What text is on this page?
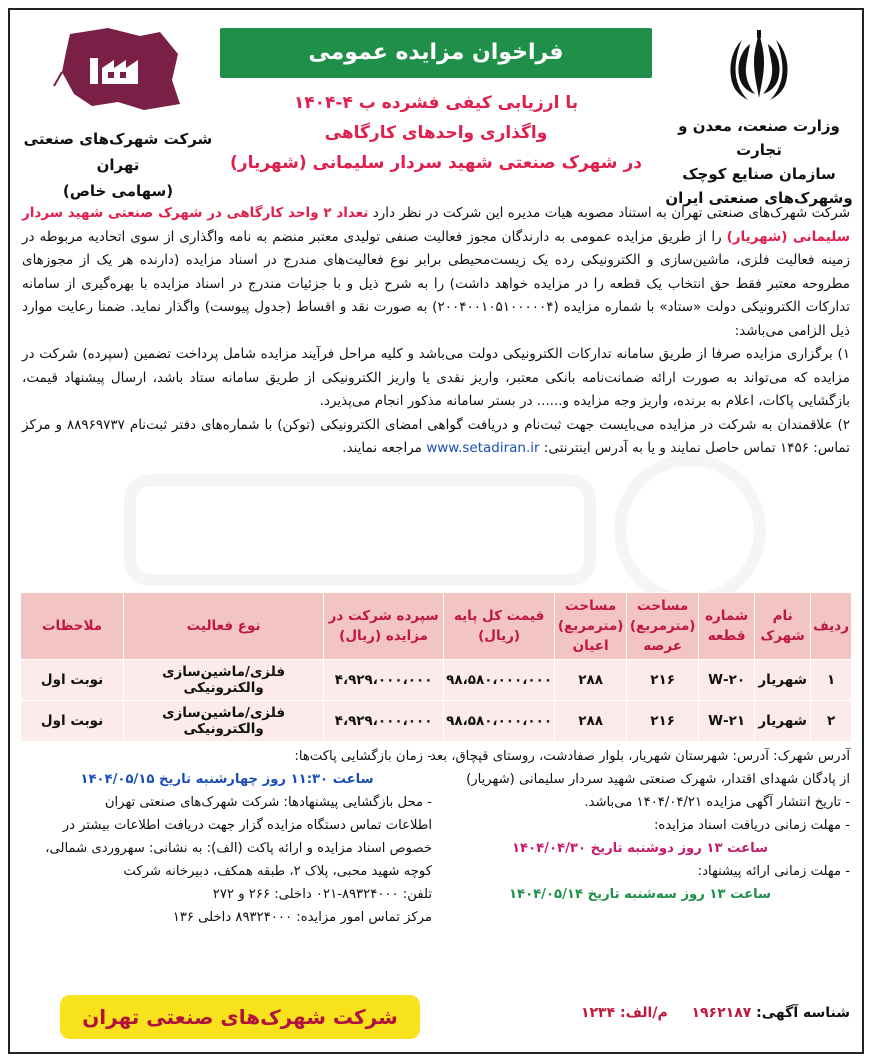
وزارت صنعت، معدن و تجارت
سازمان صنایع کوچک
وشهرک‌های صنعتی ایران
فراخوان مزایده عمومی
با ارزیابی کیفی فشرده ب ۴-۱۴۰۴
واگذاری واحدهای کارگاهی
در شهرک صنعتی شهید سردار سلیمانی (شهریار)
شرکت شهرک‌های صنعتی تهران
(سهامی خاص)

شرکت شهرک‌های صنعتی تهران به استناد مصوبه هیات مدیره این شرکت در نظر دارد تعداد ۲ واحد کارگاهی در شهرک صنعتی شهید سردار سلیمانی (شهریار) را از طریق مزایده عمومی به دارندگان مجوز فعالیت صنفی تولیدی معتبر منضم به نامه واگذاری از سوی اتحادیه مربوطه در زمینه فعالیت فلزی، ماشین‌سازی و الکترونیکی رده یک زیست‌محیطی برابر نوع فعالیت‌های مندرج در اسناد مزایده (دارنده هر یک از مجوزهای مطروحه معتبر فقط حق انتخاب یک قطعه را در مزایده خواهد داشت) را به شرح ذیل و با جزئیات مندرج در اسناد مزایده با بهره‌گیری از سامانه تدارکات الکترونیکی دولت «ستاد» با شماره مزایده (۲۰۰۴۰۰۱۰۵۱۰۰۰۰۰۴) به صورت نقد و اقساط (جدول پیوست) واگذار نماید. ضمنا رعایت موارد ذیل الزامی می‌باشد:

۱) برگزاری مزایده صرفا از طریق سامانه تدارکات الکترونیکی دولت می‌باشد و کلیه مراحل فرآیند مزایده شامل پرداخت تضمین (سپرده) شرکت در مزایده که می‌تواند به صورت ارائه ضمانت‌نامه بانکی معتبر، واریز نقدی یا واریز الکترونیکی از طریق سامانه ستاد باشد، ارسال پیشنهاد قیمت، بازگشایی پاکات، اعلام به برنده، واریز وجه مزایده و...... در بستر سامانه مذکور انجام می‌پذیرد.

۲) علاقمندان به شرکت در مزایده می‌بایست جهت ثبت‌نام و دریافت گواهی امضای الکترونیکی (توکن) با شماره‌های دفتر ثبت‌نام ۸۸۹۶۹۷۳۷ و مرکز تماس: ۱۴۵۶ تماس حاصل نمایند و یا به آدرس اینترنتی: www.setadiran.ir مراجعه نمایند.

ردیف	نام شهرک	شماره قطعه	مساحت (مترمربع) عرصه	مساحت (مترمربع) اعیان	قیمت کل پایه (ریال)	سپرده شرکت در مزایده (ریال)	نوع فعالیت	ملاحظات
۱	شهریار	۲۰-W	۲۱۶	۲۸۸	۹۸،۵۸۰،۰۰۰،۰۰۰	۴،۹۲۹،۰۰۰،۰۰۰	فلزی/ماشین‌سازی والکترونیکی	نوبت اول
۲	شهریار	۲۱-W	۲۱۶	۲۸۸	۹۸،۵۸۰،۰۰۰،۰۰۰	۴،۹۲۹،۰۰۰،۰۰۰	فلزی/ماشین‌سازی والکترونیکی	نوبت اول
آدرس شهرک: آدرس: شهرستان شهریار، بلوار صفادشت، روستای قپچاق، بعد از پادگان شهدای اقتدار، شهرک صنعتی شهید سردار سلیمانی (شهریار)
- تاریخ انتشار آگهی مزایده ۱۴۰۴/۰۴/۲۱ می‌باشد.
- مهلت زمانی دریافت اسناد مزایده:
ساعت ۱۳ روز دوشنبه تاریخ ۱۴۰۴/۰۴/۳۰
- مهلت زمانی ارائه پیشنهاد:
ساعت ۱۳ روز سه‌شنبه تاریخ ۱۴۰۴/۰۵/۱۴
- زمان بازگشایی پاکت‌ها:
ساعت ۱۱:۳۰ روز چهارشنبه تاریخ ۱۴۰۴/۰۵/۱۵
- محل بازگشایی پیشنهادها: شرکت شهرک‌های صنعتی تهران
اطلاعات تماس دستگاه مزایده گزار جهت دریافت اطلاعات بیشتر در خصوص اسناد مزایده و ارائه پاکت (الف): به نشانی: سهروردی شمالی، کوچه شهید محبی، پلاک ۲، طبقه همکف، دبیرخانه شرکت
تلفن: ۸۹۳۲۴۰۰۰-۰۲۱ داخلی: ۲۶۶ و ۲۷۲
مرکز تماس امور مزایده: ۸۹۳۲۴۰۰۰ داخلی ۱۳۶
شرکت شهرک‌های صنعتی تهران	شناسه آگهی: ۱۹۶۲۱۸۷  م/الف: ۱۲۳۴
